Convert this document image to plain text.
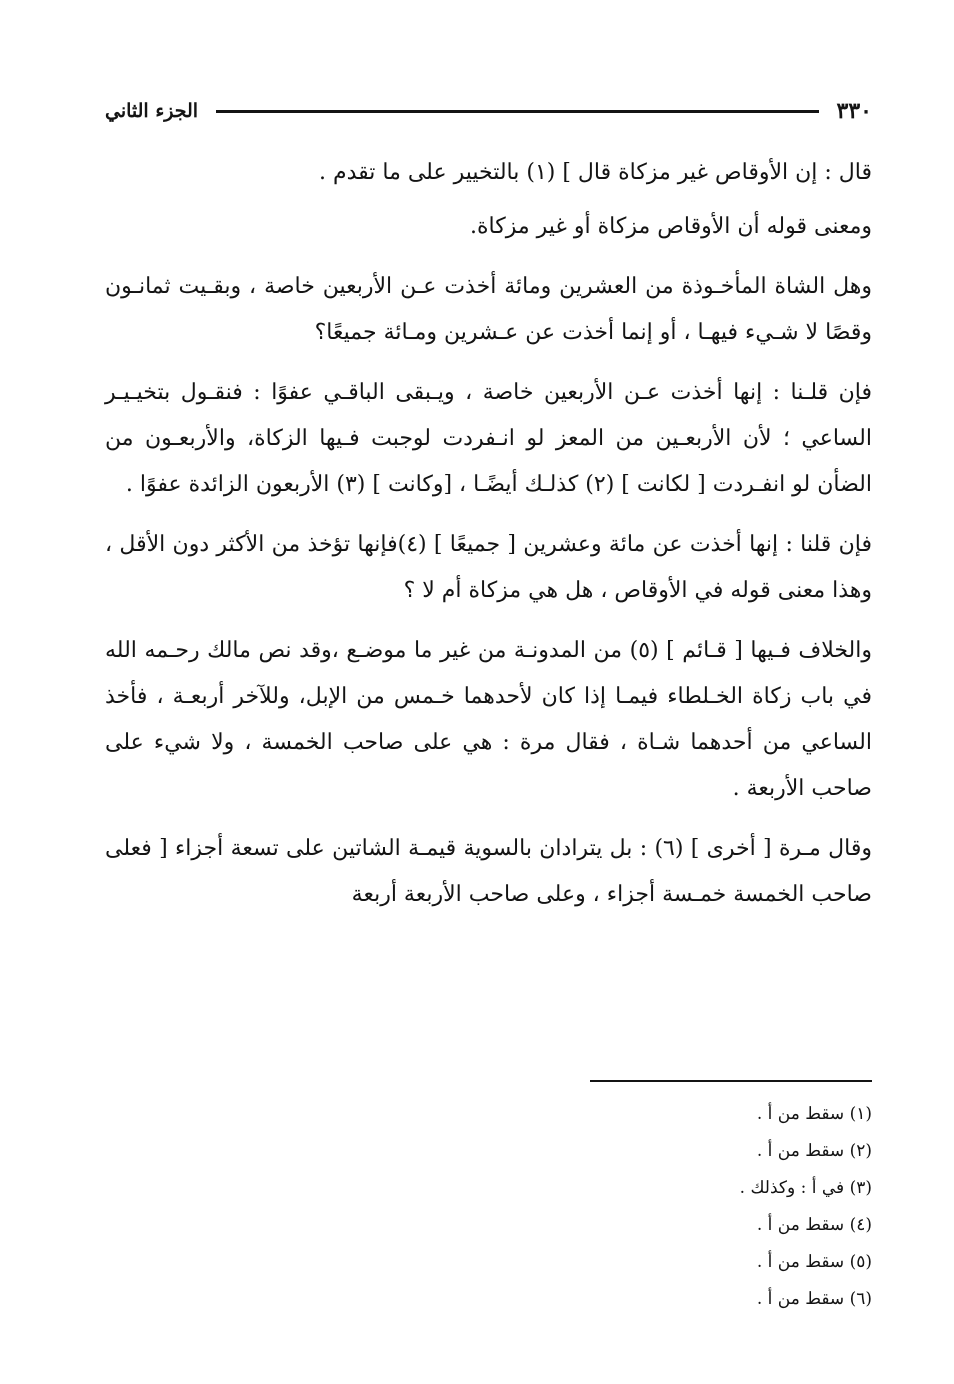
٣٣٠
الجزء الثاني

قال : إن الأوقاص غير مزكاة قال ] (١) بالتخيير على ما تقدم .

ومعنى قوله أن الأوقاص مزكاة أو غير مزكاة.

وهل الشاة المأخـوذة من العشرين ومائة أخذت عـن الأربعين خاصة ، وبقـيت ثمانـون وقصًا لا شـيء فيهـا ، أو إنما أخذت عن عـشرين ومـائة جميعًا؟

فإن قلـنا : إنها أخذت عـن الأربعين خاصة ، ويـبقى الباقـي عفوًا : فنقـول بتخيـيـر الساعي ؛ لأن الأربعـين من المعز لو انـفردت لوجبت فـيها الزكاة، والأربعـون من الضأن لو انفـردت [ لكانت ] (٢) كذلـك أيضًـا ، [وكانت ] (٣) الأربعون الزائدة عفوًا .

فإن قلنا : إنها أخذت عن مائة وعشرين [ جميعًا ] (٤)فإنها تؤخذ من الأكثر دون الأقل ، وهذا معنى قوله في الأوقاص ، هل هي مزكاة أم لا ؟

والخلاف فـيها [ قـائم ] (٥) من المدونـة من غير ما موضـع ،وقد نص مالك رحـمه الله في باب زكاة الخـلطاء فيمـا إذا كان لأحدهما خـمس من الإبل، وللآخر أربعـة ، فأخذ الساعي من أحدهما شـاة ، فقال مرة : هي على صاحب الخمسة ، ولا شيء على صاحب الأربعة .

وقال مـرة [ أخرى ] (٦) : بل يترادان بالسوية قيمـة الشاتين على تسعة أجزاء [ فعلى صاحب الخمسة خمـسة أجزاء ، وعلى صاحب الأربعة أربعة

(١) سقط من أ .
(٢) سقط من أ .
(٣) في أ : وكذلك .
(٤) سقط من أ .
(٥) سقط من أ .
(٦) سقط من أ .
